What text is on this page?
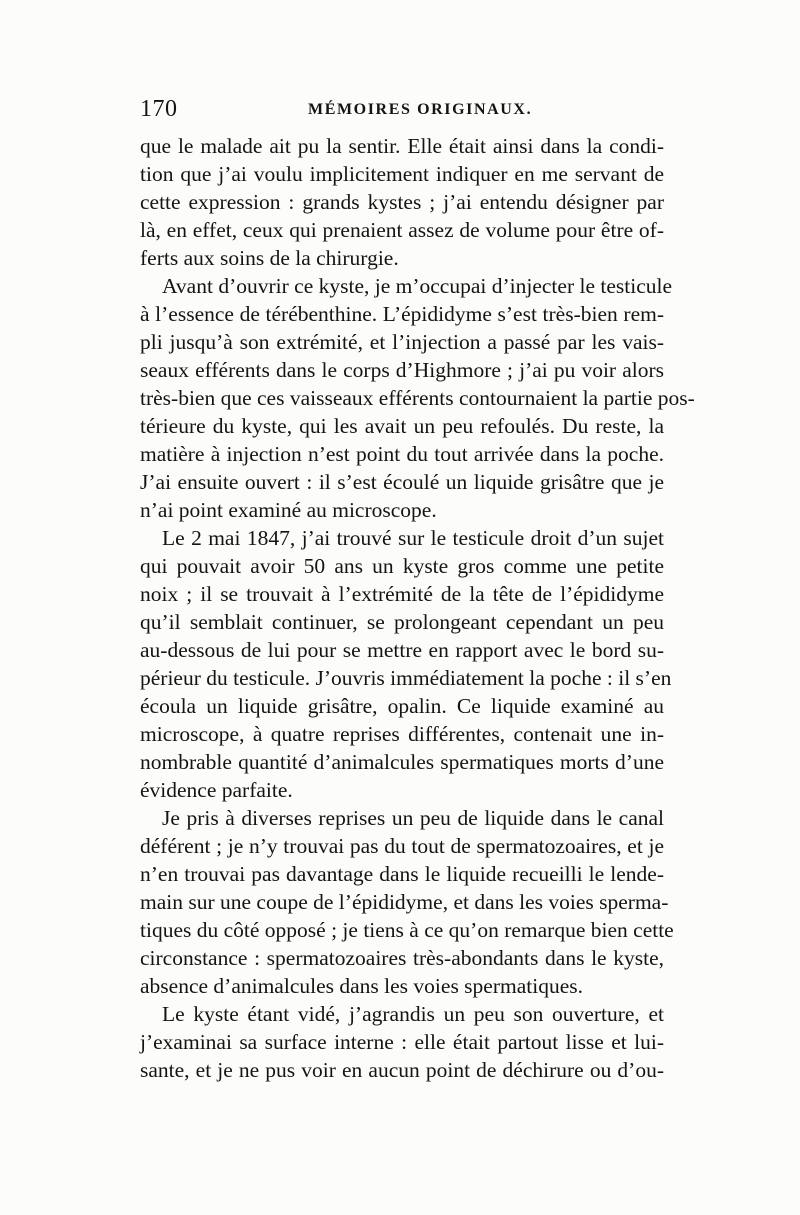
170	MÉMOIRES ORIGINAUX.
que le malade ait pu la sentir. Elle était ainsi dans la condi-
tion que j’ai voulu implicitement indiquer en me servant de
cette expression : grands kystes ; j’ai entendu désigner par
là, en effet, ceux qui prenaient assez de volume pour être of-
ferts aux soins de la chirurgie.
Avant d’ouvrir ce kyste, je m’occupai d’injecter le testicule
à l’essence de térébenthine. L’épididyme s’est très-bien rem-
pli jusqu’à son extrémité, et l’injection a passé par les vais-
seaux efférents dans le corps d’Highmore ; j’ai pu voir alors
très-bien que ces vaisseaux efférents contournaient la partie pos-
térieure du kyste, qui les avait un peu refoulés. Du reste, la
matière à injection n’est point du tout arrivée dans la poche.
J’ai ensuite ouvert : il s’est écoulé un liquide grisâtre que je
n’ai point examiné au microscope.
Le 2 mai 1847, j’ai trouvé sur le testicule droit d’un sujet
qui pouvait avoir 50 ans un kyste gros comme une petite
noix ; il se trouvait à l’extrémité de la tête de l’épididyme
qu’il semblait continuer, se prolongeant cependant un peu
au-dessous de lui pour se mettre en rapport avec le bord su-
périeur du testicule. J’ouvris immédiatement la poche : il s’en
écoula un liquide grisâtre, opalin. Ce liquide examiné au
microscope, à quatre reprises différentes, contenait une in-
nombrable quantité d’animalcules spermatiques morts d’une
évidence parfaite.
Je pris à diverses reprises un peu de liquide dans le canal
déférent ; je n’y trouvai pas du tout de spermatozoaires, et je
n’en trouvai pas davantage dans le liquide recueilli le lende-
main sur une coupe de l’épididyme, et dans les voies sperma-
tiques du côté opposé ; je tiens à ce qu’on remarque bien cette
circonstance : spermatozoaires très-abondants dans le kyste,
absence d’animalcules dans les voies spermatiques.
Le kyste étant vidé, j’agrandis un peu son ouverture, et
j’examinai sa surface interne : elle était partout lisse et lui-
sante, et je ne pus voir en aucun point de déchirure ou d’ou-
